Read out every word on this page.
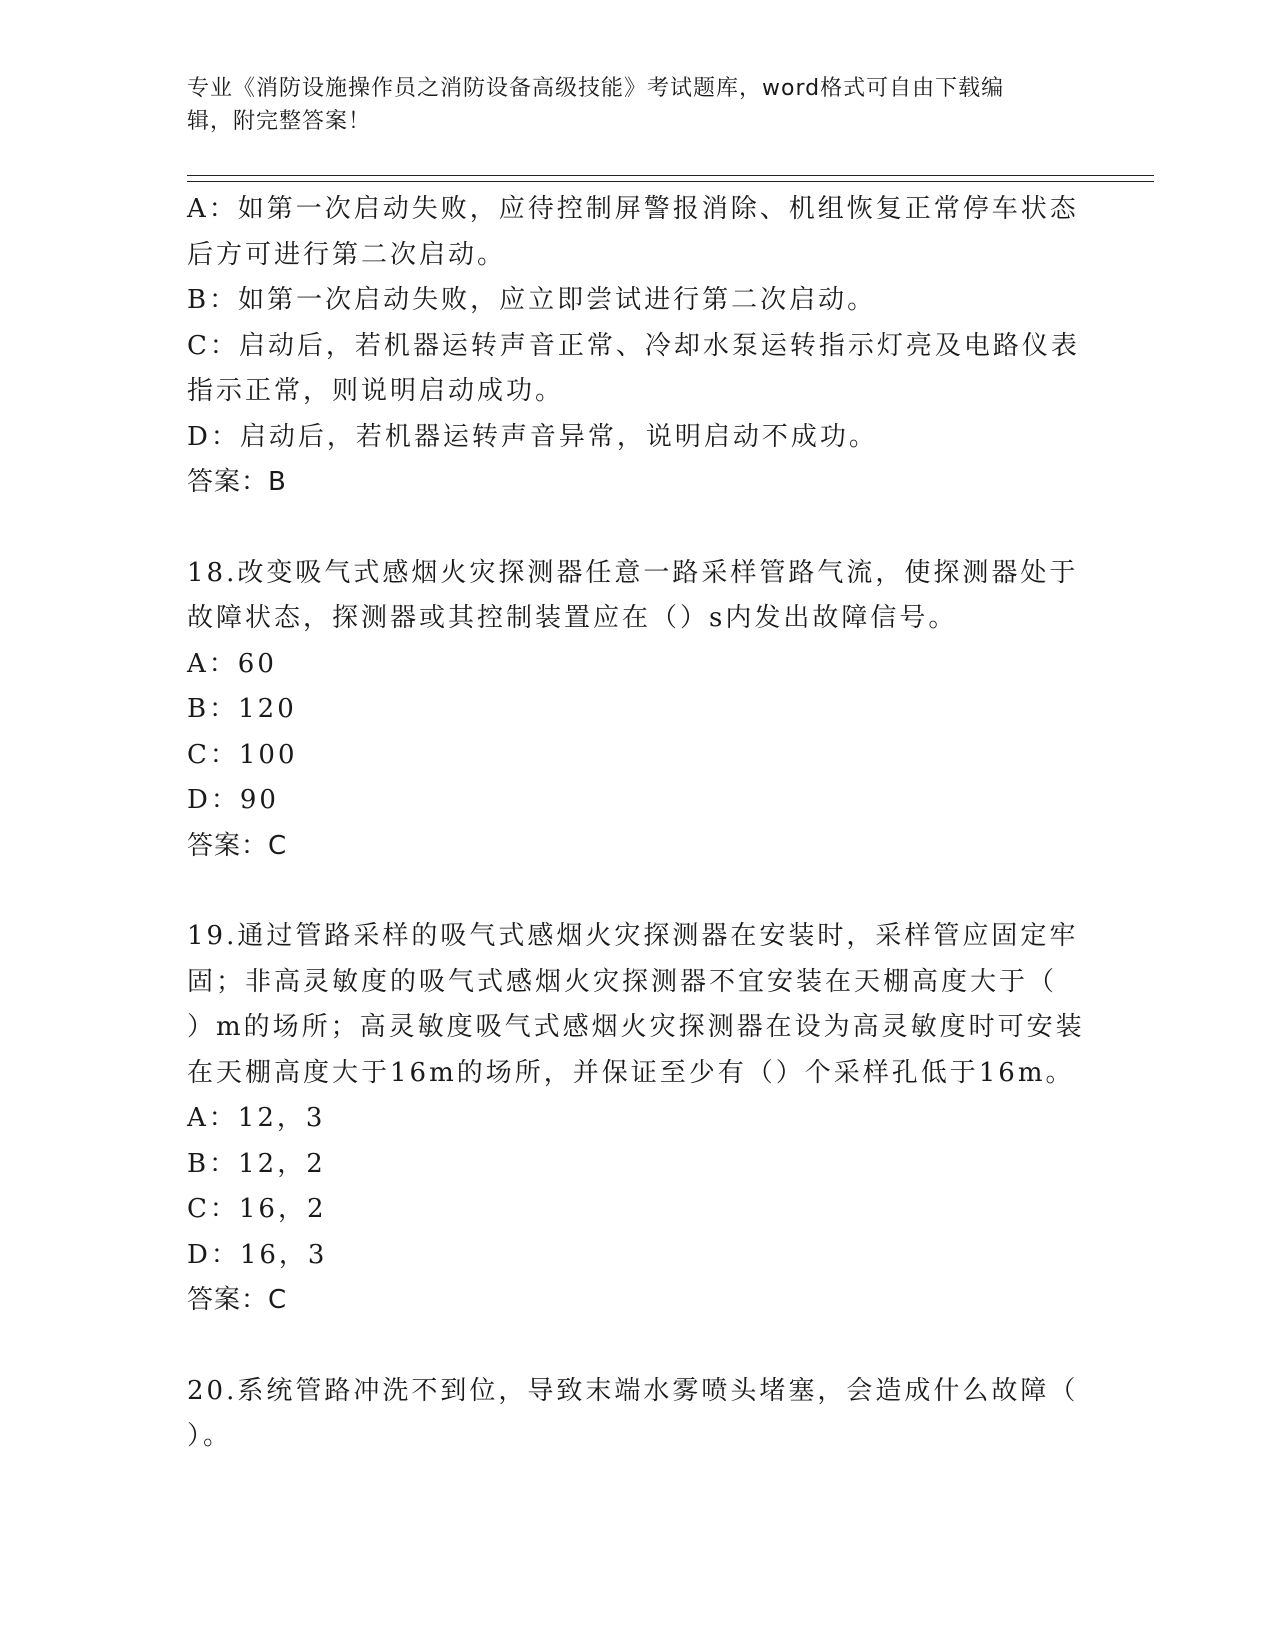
专业《消防设施操作员之消防设备高级技能》考试题库，word格式可自由下载编
辑，附完整答案！
A：如第一次启动失败，应待控制屏警报消除、机组恢复正常停车状态
后方可进行第二次启动。
B：如第一次启动失败，应立即尝试进行第二次启动。
C：启动后，若机器运转声音正常、冷却水泵运转指示灯亮及电路仪表
指示正常，则说明启动成功。
D：启动后，若机器运转声音异常，说明启动不成功。
答案：B
18.改变吸气式感烟火灾探测器任意一路采样管路气流，使探测器处于
故障状态，探测器或其控制装置应在（）s内发出故障信号。
A：60
B：120
C：100
D：90
答案：C
19.通过管路采样的吸气式感烟火灾探测器在安装时，采样管应固定牢
固；非高灵敏度的吸气式感烟火灾探测器不宜安装在天棚高度大于（
）m的场所；高灵敏度吸气式感烟火灾探测器在设为高灵敏度时可安装
在天棚高度大于16m的场所，并保证至少有（）个采样孔低于16m。
A：12，3
B：12，2
C：16，2
D：16，3
答案：C
20.系统管路冲洗不到位，导致末端水雾喷头堵塞，会造成什么故障（
）。
